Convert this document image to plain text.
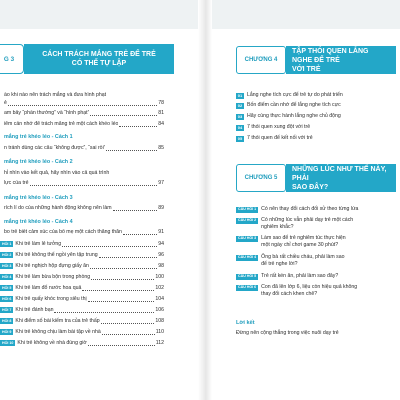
G 3
CÁCH TRÁCH MẮNG TRẺ ĐỂ TRẺ
CÓ THỂ TỰ LẬP
ào khi nào nên trách mắng và đưa hình phạt
ẻ	78
am bẫy “phần thưởng” và “hình phạt”	81
iểm cần nhớ để trách mắng trẻ một cách khéo léo	84
mắng trẻ khéo léo - Cách 1
n tránh dùng các câu “không được”, “sai rồi”	85
mắng trẻ khéo léo - Cách 2
hỉ nhìn vào kết quả, hãy nhìn vào cả quá trình
lực của trẻ	97
mắng trẻ khéo léo - Cách 3
rích lí do của những hành động không nên làm	89
mắng trẻ khéo léo - Cách 4
bo trẻ biết cảm xúc của bố mẹ một cách thẳng thắn	91
HỐI 1 Khi trẻ làm lẻ tưởng	94
HỐI 2 Khi trẻ không thể ngồi yên tập trung	96
HỐI 3 Khi trẻ nghịch hộp đựng giấy ăn	98
HỐI 4 Khi trẻ làm bừa bộn trong phòng	100
HỐI 5 Khi trẻ làm đổ nước hoa quả	102
HỐI 6 Khi trẻ quấy khóc trong siêu thị	104
HỐI 7 Khi trẻ đánh bạn	106
HỐI 8 Khi điểm số bài kiểm tra của trẻ thấp	108
HỐI 9 Khi trẻ không chịu làm bài tập về nhà	110
HỐI 10 Khi trẻ không về nhà đúng giờ	112
CHƯƠNG 4
TẬP THÓI QUEN LẮNG NGHE ĐỂ TRẺ
VỚI TRẺ
01 Lắng nghe tích cực để trẻ tự do phát triển
02 Bốn điểm cần nhớ để lắng nghe tích cực
03 Hãy cùng thực hành lắng nghe chủ động
04 7 thói quen xung đột với trẻ
05 7 thói quen để kết nối với trẻ
CHƯƠNG 5
NHỮNG LÚC NHƯ THẾ NÀY, PHẢI
SAO ĐÂY?
CÂU HỎI 1 Có nên thay đổi cách đối xử theo từng lứa
CÂU HỎI 2 Có những lúc vẫn phải dạy trẻ một cách
nghiêm khắc?
CÂU HỎI 3 Làm sao để trẻ nghiêm túc thực hiện
một ngày chỉ chơi game 30 phút?
CÂU HỎI 4 Ông bà rất chiều cháu, phải làm sao
để trẻ nghe lời?
CÂU HỎI 5 Trẻ rất kén ăn, phải làm sao đây?
CÂU HỎI 6 Con đã lên lớp 6, liệu còn hiệu quả không
thay đổi cách khen chê?
Lời kết
Đừng nên cộng thẳng trong việc nuôi dạy trẻ
